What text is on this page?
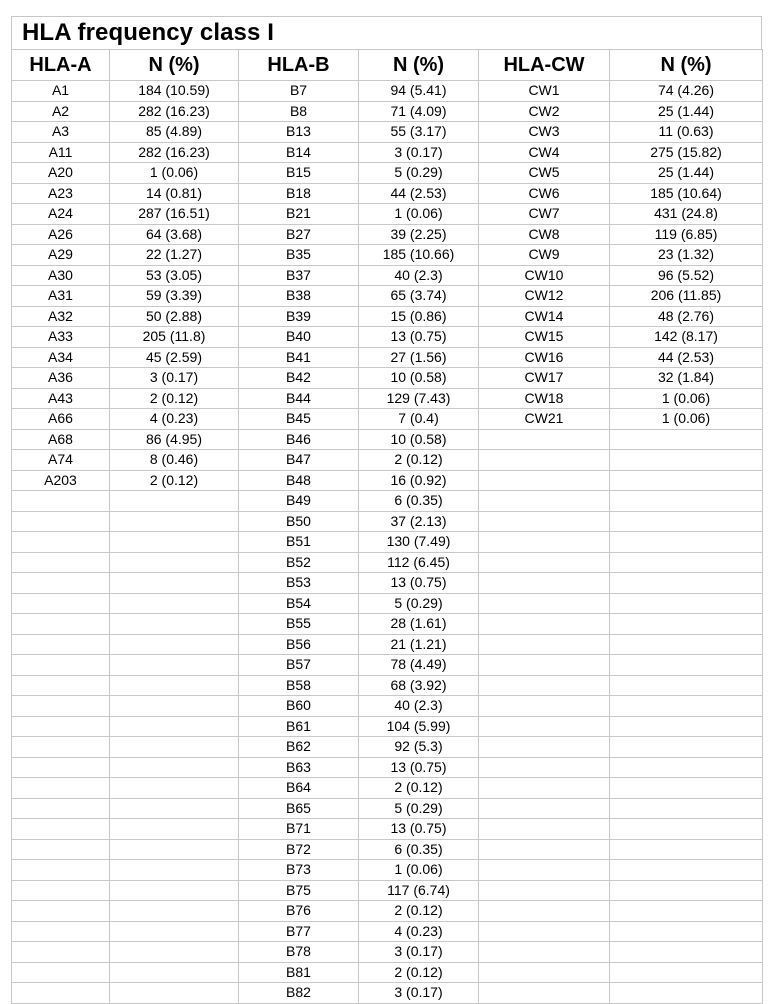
HLA frequency class I
HLA-A	N (%)	HLA-B	N (%)	HLA-CW	N (%)
A1	184 (10.59)	B7	94 (5.41)	CW1	74 (4.26)
A2	282 (16.23)	B8	71 (4.09)	CW2	25 (1.44)
A3	85 (4.89)	B13	55 (3.17)	CW3	11 (0.63)
A11	282 (16.23)	B14	3 (0.17)	CW4	275 (15.82)
A20	1 (0.06)	B15	5 (0.29)	CW5	25 (1.44)
A23	14 (0.81)	B18	44 (2.53)	CW6	185 (10.64)
A24	287 (16.51)	B21	1 (0.06)	CW7	431 (24.8)
A26	64 (3.68)	B27	39 (2.25)	CW8	119 (6.85)
A29	22 (1.27)	B35	185 (10.66)	CW9	23 (1.32)
A30	53 (3.05)	B37	40 (2.3)	CW10	96 (5.52)
A31	59 (3.39)	B38	65 (3.74)	CW12	206 (11.85)
A32	50 (2.88)	B39	15 (0.86)	CW14	48 (2.76)
A33	205 (11.8)	B40	13 (0.75)	CW15	142 (8.17)
A34	45 (2.59)	B41	27 (1.56)	CW16	44 (2.53)
A36	3 (0.17)	B42	10 (0.58)	CW17	32 (1.84)
A43	2 (0.12)	B44	129 (7.43)	CW18	1 (0.06)
A66	4 (0.23)	B45	7 (0.4)	CW21	1 (0.06)
A68	86 (4.95)	B46	10 (0.58)		
A74	8 (0.46)	B47	2 (0.12)		
A203	2 (0.12)	B48	16 (0.92)		
		B49	6 (0.35)		
		B50	37 (2.13)		
		B51	130 (7.49)		
		B52	112 (6.45)		
		B53	13 (0.75)		
		B54	5 (0.29)		
		B55	28 (1.61)		
		B56	21 (1.21)		
		B57	78 (4.49)		
		B58	68 (3.92)		
		B60	40 (2.3)		
		B61	104 (5.99)		
		B62	92 (5.3)		
		B63	13 (0.75)		
		B64	2 (0.12)		
		B65	5 (0.29)		
		B71	13 (0.75)		
		B72	6 (0.35)		
		B73	1 (0.06)		
		B75	117 (6.74)		
		B76	2 (0.12)		
		B77	4 (0.23)		
		B78	3 (0.17)		
		B81	2 (0.12)		
		B82	3 (0.17)		
